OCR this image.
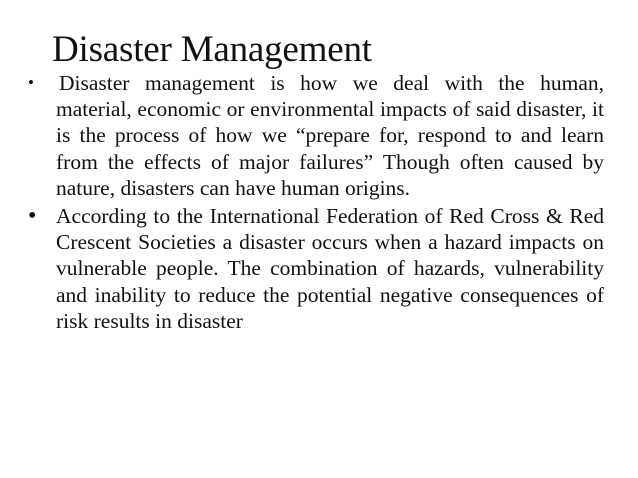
Disaster Management
• Disaster management is how we deal with the human, material, economic or environmental impacts of said disaster, it is the process of how we “prepare for, respond to and learn from the effects of major failures” Though often caused by nature, disasters can have human origins.
• According to the International Federation of Red Cross & Red Crescent Societies a disaster occurs when a hazard impacts on vulnerable people. The combination of hazards, vulnerability and inability to reduce the potential negative consequences of risk results in disaster
